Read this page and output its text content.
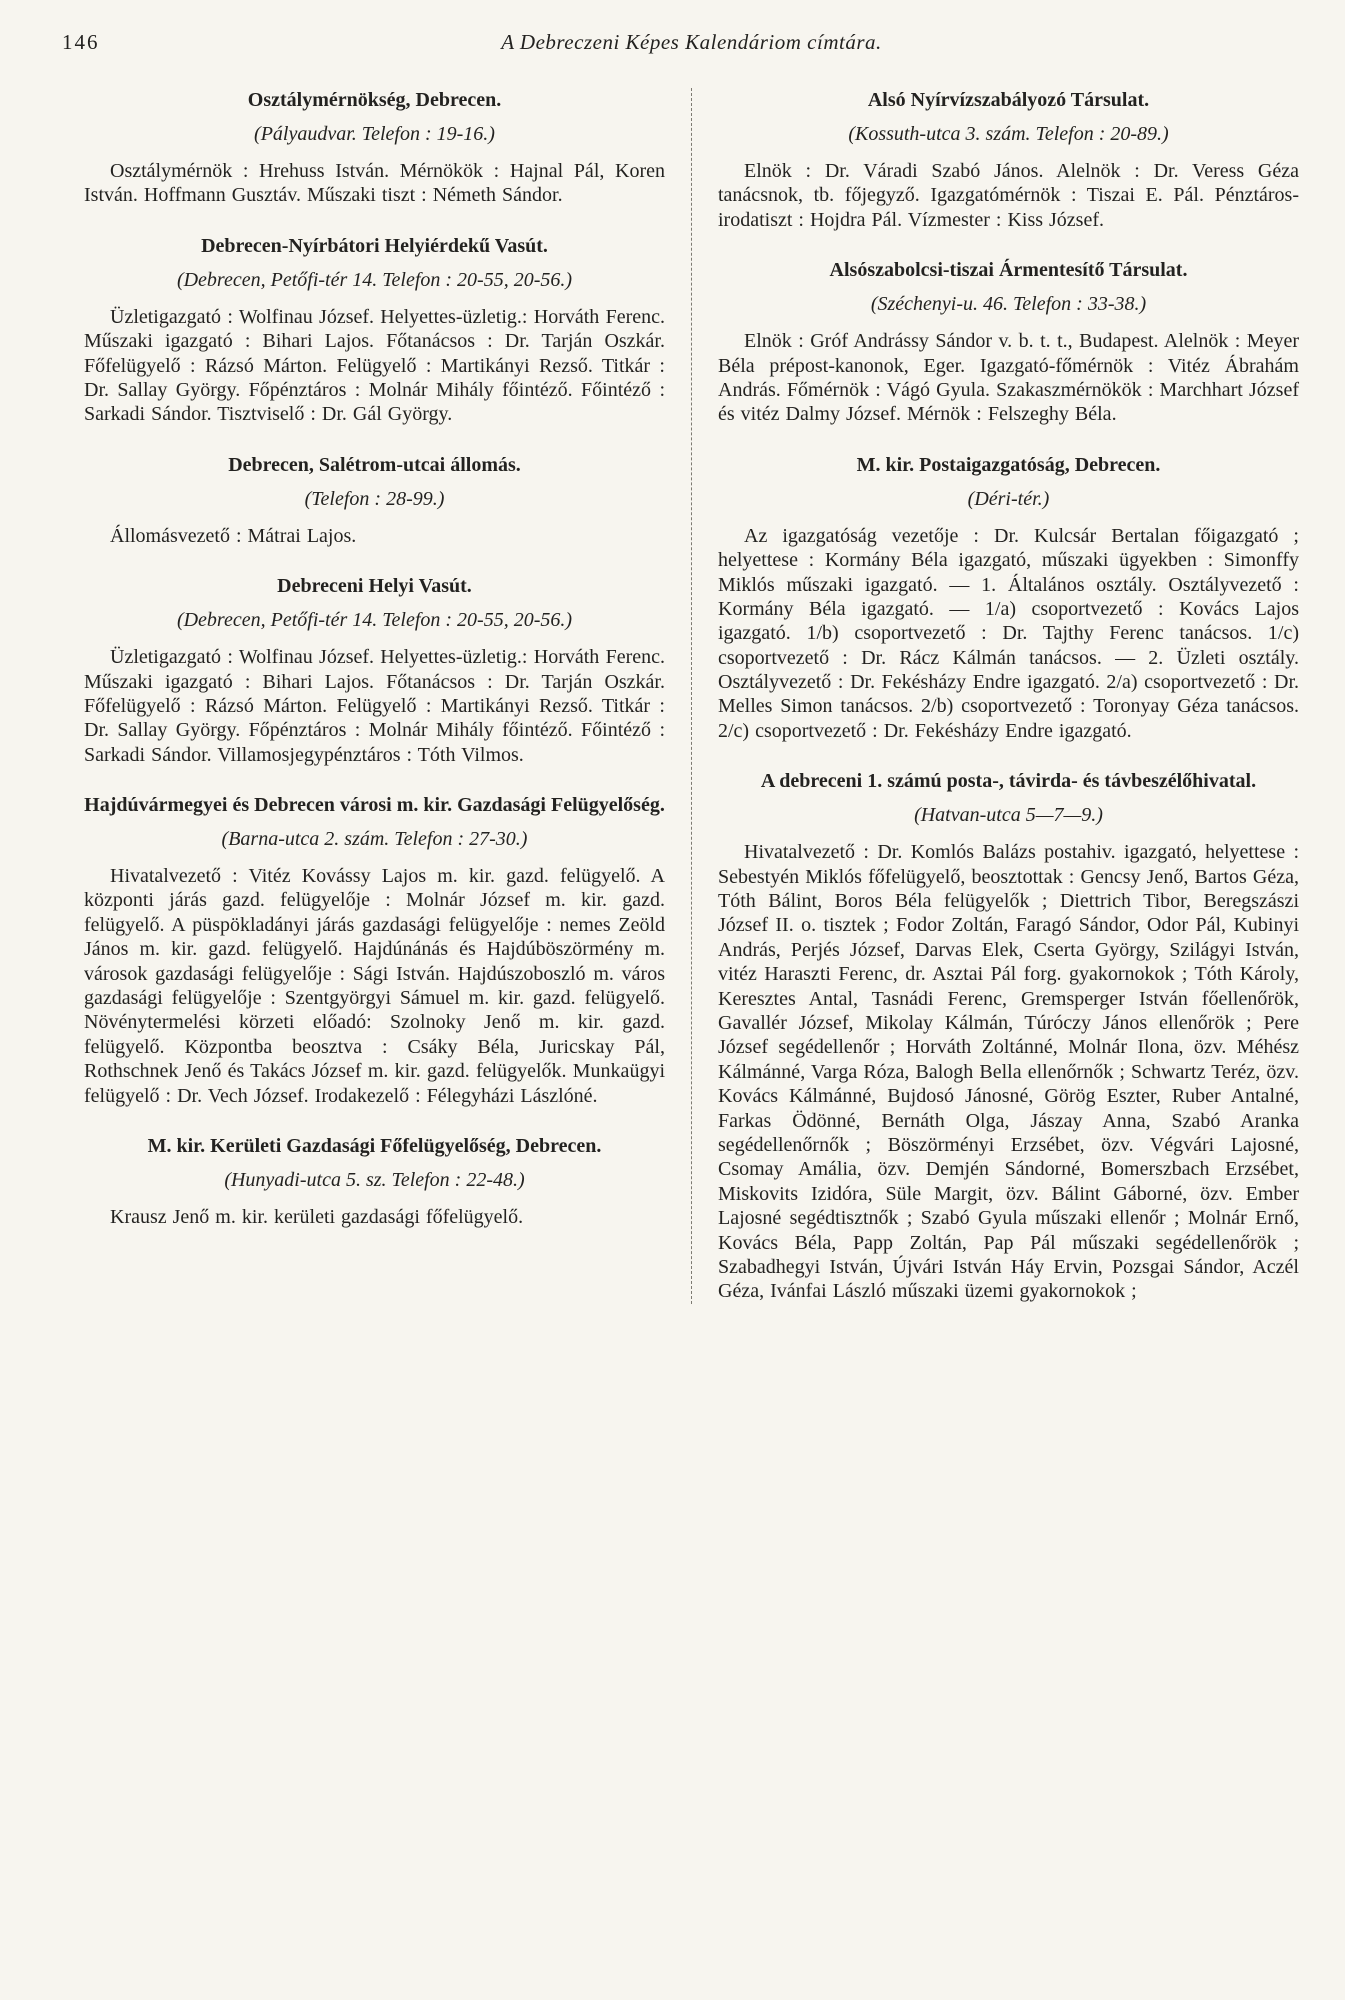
146	A Debreczeni Képes Kalendáriom címtára.
Osztálymérnökség, Debrecen.

(Pályaudvar. Telefon : 19-16.)

Osztálymérnök : Hrehuss István. Mérnökök : Hajnal Pál, Koren István. Hoffmann Gusztáv. Műszaki tiszt : Németh Sándor.

Debrecen-Nyírbátori Helyiérdekű Vasút.

(Debrecen, Petőfi-tér 14. Telefon : 20-55, 20-56.)

Üzletigazgató : Wolfinau József. Helyettes-üzletig.: Horváth Ferenc. Műszaki igazgató : Bihari Lajos. Főtanácsos : Dr. Tarján Oszkár. Főfelügyelő : Rázsó Márton. Felügyelő : Martikányi Rezső. Titkár : Dr. Sallay György. Főpénztáros : Molnár Mihály főintéző. Főintéző : Sarkadi Sándor. Tisztviselő : Dr. Gál György.

Debrecen, Salétrom-utcai állomás.

(Telefon : 28-99.)

Állomásvezető : Mátrai Lajos.

Debreceni Helyi Vasút.

(Debrecen, Petőfi-tér 14. Telefon : 20-55, 20-56.)

Üzletigazgató : Wolfinau József. Helyettes-üzletig.: Horváth Ferenc. Műszaki igazgató : Bihari Lajos. Főtanácsos : Dr. Tarján Oszkár. Főfelügyelő : Rázsó Márton. Felügyelő : Martikányi Rezső. Titkár : Dr. Sallay György. Főpénztáros : Molnár Mihály főintéző. Főintéző : Sarkadi Sándor. Villamosjegypénztáros : Tóth Vilmos.

Hajdúvármegyei és Debrecen városi m. kir. Gazdasági Felügyelőség.

(Barna-utca 2. szám. Telefon : 27-30.)

Hivatalvezető : Vitéz Kovássy Lajos m. kir. gazd. felügyelő. A központi járás gazd. felügyelője : Molnár József m. kir. gazd. felügyelő. A püspökladányi járás gazdasági felügyelője : nemes Zeöld János m. kir. gazd. felügyelő. Hajdúnánás és Hajdúböszörmény m. városok gazdasági felügyelője : Sági István. Hajdúszoboszló m. város gazdasági felügyelője : Szentgyörgyi Sámuel m. kir. gazd. felügyelő. Növénytermelési körzeti előadó: Szolnoky Jenő m. kir. gazd. felügyelő. Központba beosztva : Csáky Béla, Juricskay Pál, Rothschnek Jenő és Takács József m. kir. gazd. felügyelők. Munkaügyi felügyelő : Dr. Vech József. Irodakezelő : Félegyházi Lászlóné.

M. kir. Kerületi Gazdasági Főfelügyelőség, Debrecen.

(Hunyadi-utca 5. sz. Telefon : 22-48.)

Krausz Jenő m. kir. kerületi gazdasági főfelügyelő.

Alsó Nyírvízszabályozó Társulat.

(Kossuth-utca 3. szám. Telefon : 20-89.)

Elnök : Dr. Váradi Szabó János. Alelnök : Dr. Veress Géza tanácsnok, tb. főjegyző. Igazgatómérnök : Tiszai E. Pál. Pénztáros-irodatiszt : Hojdra Pál. Vízmester : Kiss József.

Alsószabolcsi-tiszai Ármentesítő Társulat.

(Széchenyi-u. 46. Telefon : 33-38.)

Elnök : Gróf Andrássy Sándor v. b. t. t., Budapest. Alelnök : Meyer Béla prépost-kanonok, Eger. Igazgató-főmérnök : Vitéz Ábrahám András. Főmérnök : Vágó Gyula. Szakaszmérnökök : Marchhart József és vitéz Dalmy József. Mérnök : Felszeghy Béla.

M. kir. Postaigazgatóság, Debrecen.

(Déri-tér.)

Az igazgatóság vezetője : Dr. Kulcsár Bertalan főigazgató ; helyettese : Kormány Béla igazgató, műszaki ügyekben : Simonffy Miklós műszaki igazgató. — 1. Általános osztály. Osztályvezető : Kormány Béla igazgató. — 1/a) csoportvezető : Kovács Lajos igazgató. 1/b) csoportvezető : Dr. Tajthy Ferenc tanácsos. 1/c) csoportvezető : Dr. Rácz Kálmán tanácsos. — 2. Üzleti osztály. Osztályvezető : Dr. Fekésházy Endre igazgató. 2/a) csoportvezető : Dr. Melles Simon tanácsos. 2/b) csoportvezető : Toronyay Géza tanácsos. 2/c) csoportvezető : Dr. Fekésházy Endre igazgató.

A debreceni 1. számú posta-, távirda- és távbeszélőhivatal.

(Hatvan-utca 5—7—9.)

Hivatalvezető : Dr. Komlós Balázs postahiv. igazgató, helyettese : Sebestyén Miklós főfelügyelő, beosztottak : Gencsy Jenő, Bartos Géza, Tóth Bálint, Boros Béla felügyelők ; Diettrich Tibor, Beregszászi József II. o. tisztek ; Fodor Zoltán, Faragó Sándor, Odor Pál, Kubinyi András, Perjés József, Darvas Elek, Cserta György, Szilágyi István, vitéz Haraszti Ferenc, dr. Asztai Pál forg. gyakornokok ; Tóth Károly, Keresztes Antal, Tasnádi Ferenc, Gremsperger István főellenőrök, Gavallér József, Mikolay Kálmán, Túróczy János ellenőrök ; Pere József segédellenőr ; Horváth Zoltánné, Molnár Ilona, özv. Méhész Kálmánné, Varga Róza, Balogh Bella ellenőrnők ; Schwartz Teréz, özv. Kovács Kálmánné, Bujdosó Jánosné, Görög Eszter, Ruber Antalné, Farkas Ödönné, Bernáth Olga, Jászay Anna, Szabó Aranka segédellenőrnők ; Böszörményi Erzsébet, özv. Végvári Lajosné, Csomay Amália, özv. Demjén Sándorné, Bomerszbach Erzsébet, Miskovits Izidóra, Süle Margit, özv. Bálint Gáborné, özv. Ember Lajosné segédtisztnők ; Szabó Gyula műszaki ellenőr ; Molnár Ernő, Kovács Béla, Papp Zoltán, Pap Pál műszaki segédellenőrök ; Szabadhegyi István, Újvári István Háy Ervin, Pozsgai Sándor, Aczél Géza, Ivánfai László műszaki üzemi gyakornokok ;
